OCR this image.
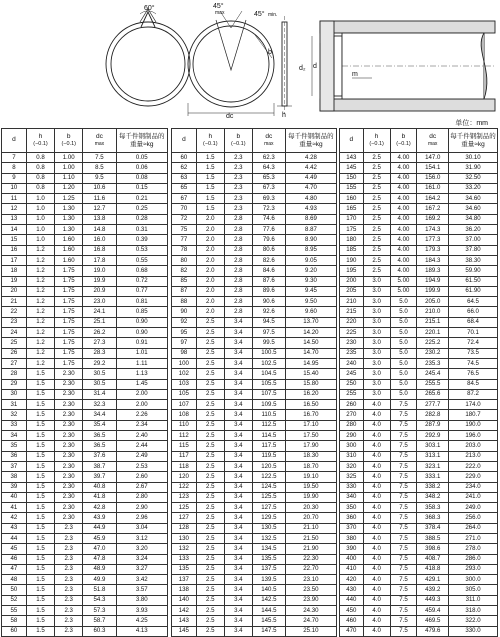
60°	45°
max	45° min.
b
dc
d₂ d
h
m
单位：mm
d	h
(−0.1)	b
(−0.1)	dc
max	每千件钢制品的重量≈kg
7	0.8	1.00	7.5	0.05
8	0.8	1.00	8.5	0.06
9	0.8	1.10	9.5	0.08
10	0.8	1.20	10.6	0.15
11	1.0	1.25	11.6	0.21
12	1.0	1.30	12.7	0.25
13	1.0	1.30	13.8	0.28
14	1.0	1.30	14.8	0.31
15	1.0	1.60	16.0	0.39
16	1.2	1.60	16.8	0.53
17	1.2	1.60	17.8	0.55
18	1.2	1.75	19.0	0.68
19	1.2	1.75	19.9	0.72
20	1.2	1.75	20.9	0.77
21	1.2	1.75	23.0	0.81
22	1.2	1.75	24.1	0.85
23	1.2	1.75	25.1	0.90
24	1.2	1.75	26.2	0.90
25	1.2	1.75	27.3	0.91
26	1.2	1.75	28.3	1.01
27	1.2	1.75	29.2	1.11
28	1.5	2.30	30.5	1.13
29	1.5	2.30	30.5	1.45
30	1.5	2.30	31.4	2.00
31	1.5	2.30	32.3	2.00
32	1.5	2.30	34.4	2.26
33	1.5	2.30	35.4	2.34
34	1.5	2.30	36.5	2.40
35	1.5	2.30	36.5	2.44
36	1.5	2.30	37.6	2.49
37	1.5	2.30	38.7	2.53
38	1.5	2.30	39.7	2.60
39	1.5	2.30	40.8	2.67
40	1.5	2.30	41.8	2.80
41	1.5	2.30	42.8	2.90
42	1.5	2.30	43.9	2.96
43	1.5	2.3	44.9	3.04
44	1.5	2.3	45.9	3.12
45	1.5	2.3	47.0	3.20
46	1.5	2.3	47.8	3.24
47	1.5	2.3	48.9	3.27
48	1.5	2.3	49.9	3.42
50	1.5	2.3	51.8	3.57
52	1.5	2.3	54.3	3.80
55	1.5	2.3	57.3	3.93
58	1.5	2.3	58.7	4.25
60	1.5	2.3	60.3	4.13
d	h
(−0.1)	b
(−0.1)	dc
max	每千件钢制品的重量≈kg
60	1.5	2.3	62.3	4.28
62	1.5	2.3	64.3	4.42
63	1.5	2.3	65.3	4.49
65	1.5	2.3	67.3	4.70
67	1.5	2.3	69.3	4.80
70	1.5	2.3	72.3	4.93
72	2.0	2.8	74.6	8.69
75	2.0	2.8	77.6	8.87
77	2.0	2.8	79.6	8.90
78	2.0	2.8	80.6	8.95
80	2.0	2.8	82.6	9.05
82	2.0	2.8	84.6	9.20
85	2.0	2.8	87.6	9.30
87	2.0	2.8	89.6	9.45
88	2.0	2.8	90.6	9.50
90	2.0	2.8	92.6	9.60
92	2.5	3.4	94.5	13.70
95	2.5	3.4	97.5	14.20
97	2.5	3.4	99.5	14.50
98	2.5	3.4	100.5	14.70
100	2.5	3.4	102.5	14.95
102	2.5	3.4	104.5	15.40
103	2.5	3.4	105.5	15.80
105	2.5	3.4	107.5	16.20
107	2.5	3.4	109.5	16.50
108	2.5	3.4	110.5	16.70
110	2.5	3.4	112.5	17.10
112	2.5	3.4	114.5	17.50
115	2.5	3.4	117.5	17.90
117	2.5	3.4	119.5	18.30
118	2.5	3.4	120.5	18.70
120	2.5	3.4	122.5	19.10
122	2.5	3.4	124.5	19.50
123	2.5	3.4	125.5	19.90
125	2.5	3.4	127.5	20.30
127	2.5	3.4	129.5	20.70
128	2.5	3.4	130.5	21.10
130	2.5	3.4	132.5	21.50
132	2.5	3.4	134.5	21.90
133	2.5	3.4	135.5	22.30
135	2.5	3.4	137.5	22.70
137	2.5	3.4	139.5	23.10
138	2.5	3.4	140.5	23.50
140	2.5	3.4	142.5	23.90
142	2.5	3.4	144.5	24.30
143	2.5	3.4	145.5	24.70
145	2.5	3.4	147.5	25.10
d	h
(−0.1)	b
(−0.1)	dc
max	每千件钢制品的重量≈kg
143	2.5	4.00	147.0	30.10
145	2.5	4.00	154.1	31.90
150	2.5	4.00	156.0	32.50
155	2.5	4.00	161.0	33.20
160	2.5	4.00	164.2	34.60
165	2.5	4.00	167.2	34.60
170	2.5	4.00	169.2	34.80
175	2.5	4.00	174.3	36.20
180	2.5	4.00	177.3	37.00
185	2.5	4.00	179.3	37.80
190	2.5	4.00	184.3	38.30
195	2.5	4.00	189.3	59.90
200	3.0	5.00	194.9	61.50
205	3.0	5.00	199.9	61.90
210	3.0	5.0	205.0	64.5
215	3.0	5.0	210.0	66.0
220	3.0	5.0	215.1	68.4
225	3.0	5.0	220.1	70.1
230	3.0	5.0	225.2	72.4
235	3.0	5.0	230.2	73.5
240	3.0	5.0	235.3	74.5
245	3.0	5.0	245.4	76.5
250	3.0	5.0	255.5	84.5
255	3.0	5.0	265.6	87.2
260	4.0	7.5	277.7	174.0
270	4.0	7.5	282.8	180.7
280	4.0	7.5	287.9	190.0
290	4.0	7.5	292.9	196.0
300	4.0	7.5	303.1	203.0
310	4.0	7.5	313.1	213.0
320	4.0	7.5	323.1	222.0
325	4.0	7.5	333.1	229.0
330	4.0	7.5	338.2	234.0
340	4.0	7.5	348.2	241.0
350	4.0	7.5	358.3	249.0
360	4.0	7.5	368.3	256.0
370	4.0	7.5	378.4	264.0
380	4.0	7.5	388.5	271.0
390	4.0	7.5	398.6	278.0
400	4.0	7.5	408.7	286.0
410	4.0	7.5	418.8	293.0
420	4.0	7.5	429.1	300.0
430	4.0	7.5	439.2	305.0
440	4.0	7.5	449.3	311.0
450	4.0	7.5	459.4	318.0
460	4.0	7.5	469.5	322.0
470	4.0	7.5	479.6	330.0
